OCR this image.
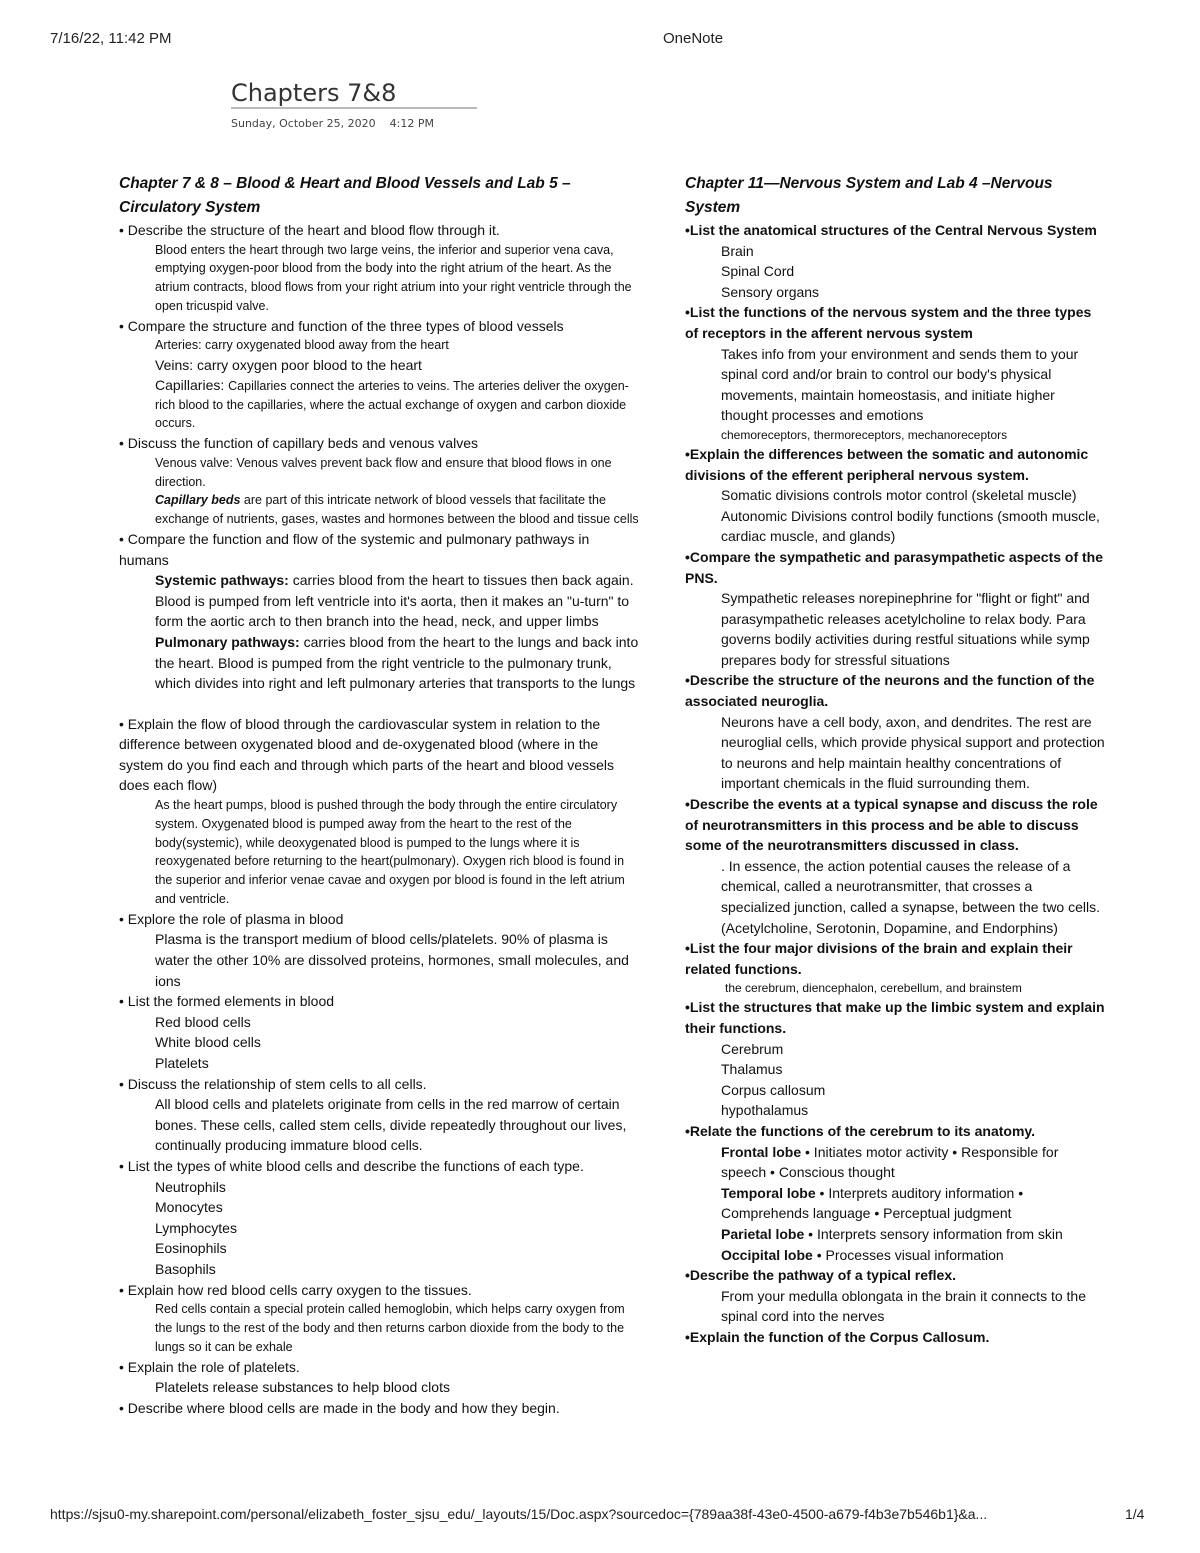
7/16/22, 11:42 PM	OneNote
Chapters 7&8
Sunday, October 25, 2020 4:12 PM
Chapter 7 & 8 – Blood & Heart and Blood Vessels and Lab 5 – Circulatory System
• Describe the structure of the heart and blood flow through it.
Blood enters the heart through two large veins, the inferior and superior vena cava, emptying oxygen-poor blood from the body into the right atrium of the heart. As the atrium contracts, blood flows from your right atrium into your right ventricle through the open tricuspid valve.
• Compare the structure and function of the three types of blood vessels
Arteries: carry oxygenated blood away from the heart
Veins: carry oxygen poor blood to the heart
Capillaries: Capillaries connect the arteries to veins. The arteries deliver the oxygen-rich blood to the capillaries, where the actual exchange of oxygen and carbon dioxide occurs.
• Discuss the function of capillary beds and venous valves
Venous valve: Venous valves prevent back flow and ensure that blood flows in one direction.
Capillary beds are part of this intricate network of blood vessels that facilitate the exchange of nutrients, gases, wastes and hormones between the blood and tissue cells
• Compare the function and flow of the systemic and pulmonary pathways in humans
Systemic pathways: carries blood from the heart to tissues then back again. Blood is pumped from left ventricle into it's aorta, then it makes an "u-turn" to form the aortic arch to then branch into the head, neck, and upper limbs
Pulmonary pathways: carries blood from the heart to the lungs and back into the heart. Blood is pumped from the right ventricle to the pulmonary trunk, which divides into right and left pulmonary arteries that transports to the lungs
• Explain the flow of blood through the cardiovascular system in relation to the difference between oxygenated blood and de-oxygenated blood (where in the system do you find each and through which parts of the heart and blood vessels does each flow)
As the heart pumps, blood is pushed through the body through the entire circulatory system. Oxygenated blood is pumped away from the heart to the rest of the body(systemic), while deoxygenated blood is pumped to the lungs where it is reoxygenated before returning to the heart(pulmonary). Oxygen rich blood is found in the superior and inferior venae cavae and oxygen por blood is found in the left atrium and ventricle.
• Explore the role of plasma in blood
Plasma is the transport medium of blood cells/platelets. 90% of plasma is water the other 10% are dissolved proteins, hormones, small molecules, and ions
• List the formed elements in blood
Red blood cells
White blood cells
Platelets
• Discuss the relationship of stem cells to all cells.
All blood cells and platelets originate from cells in the red marrow of certain bones. These cells, called stem cells, divide repeatedly throughout our lives, continually producing immature blood cells.
• List the types of white blood cells and describe the functions of each type.
Neutrophils
Monocytes
Lymphocytes
Eosinophils
Basophils
• Explain how red blood cells carry oxygen to the tissues.
Red cells contain a special protein called hemoglobin, which helps carry oxygen from the lungs to the rest of the body and then returns carbon dioxide from the body to the lungs so it can be exhale
• Explain the role of platelets.
Platelets release substances to help blood clots
• Describe where blood cells are made in the body and how they begin.
Chapter 11—Nervous System and Lab 4 –Nervous System
•List the anatomical structures of the Central Nervous System
Brain
Spinal Cord
Sensory organs
•List the functions of the nervous system and the three types of receptors in the afferent nervous system
Takes info from your environment and sends them to your spinal cord and/or brain to control our body's physical movements, maintain homeostasis, and initiate higher thought processes and emotions
chemoreceptors, thermoreceptors, mechanoreceptors
•Explain the differences between the somatic and autonomic divisions of the efferent peripheral nervous system.
Somatic divisions controls motor control (skeletal muscle)
Autonomic Divisions control bodily functions (smooth muscle, cardiac muscle, and glands)
•Compare the sympathetic and parasympathetic aspects of the PNS.
Sympathetic releases norepinephrine for "flight or fight" and parasympathetic releases acetylcholine to relax body. Para governs bodily activities during restful situations while symp prepares body for stressful situations
•Describe the structure of the neurons and the function of the associated neuroglia.
Neurons have a cell body, axon, and dendrites. The rest are neuroglial cells, which provide physical support and protection to neurons and help maintain healthy concentrations of important chemicals in the fluid surrounding them.
•Describe the events at a typical synapse and discuss the role of neurotransmitters in this process and be able to discuss some of the neurotransmitters discussed in class.
. In essence, the action potential causes the release of a chemical, called a neurotransmitter, that crosses a specialized junction, called a synapse, between the two cells. (Acetylcholine, Serotonin, Dopamine, and Endorphins)
•List the four major divisions of the brain and explain their related functions.
the cerebrum, diencephalon, cerebellum, and brainstem
•List the structures that make up the limbic system and explain their functions.
Cerebrum
Thalamus
Corpus callosum
hypothalamus
•Relate the functions of the cerebrum to its anatomy.
Frontal lobe • Initiates motor activity • Responsible for speech • Conscious thought
Temporal lobe • Interprets auditory information • Comprehends language • Perceptual judgment
Parietal lobe • Interprets sensory information from skin
Occipital lobe • Processes visual information
•Describe the pathway of a typical reflex.
From your medulla oblongata in the brain it connects to the spinal cord into the nerves
•Explain the function of the Corpus Callosum.
https://sjsu0-my.sharepoint.com/personal/elizabeth_foster_sjsu_edu/_layouts/15/Doc.aspx?sourcedoc={789aa38f-43e0-4500-a679-f4b3e7b546b1}&a...	1/4
